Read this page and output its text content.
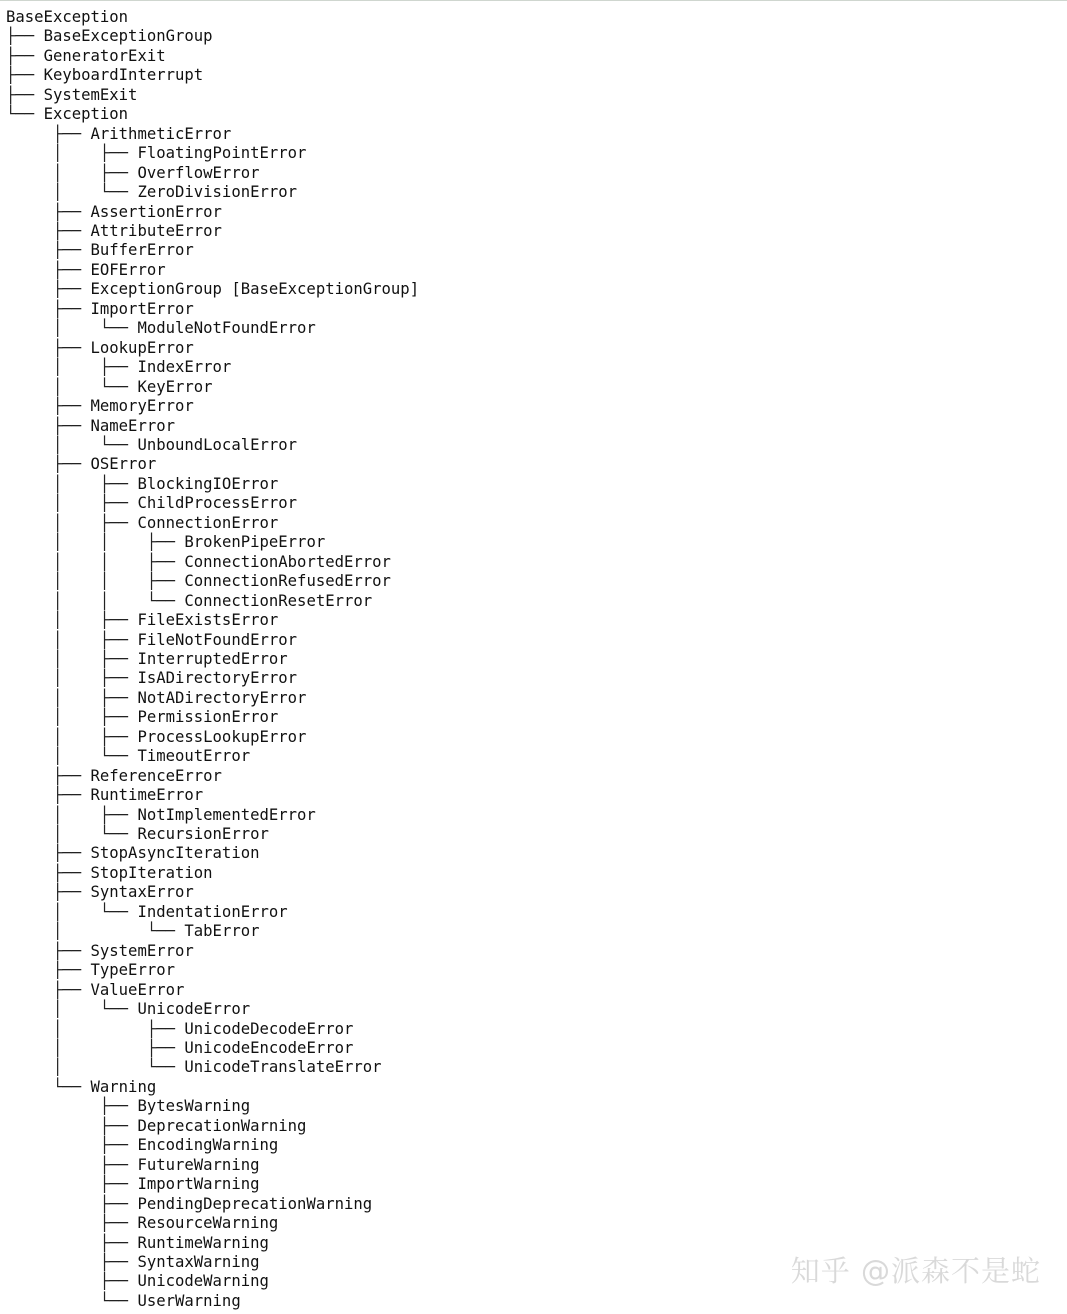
BaseException
├── BaseExceptionGroup
├── GeneratorExit
├── KeyboardInterrupt
├── SystemExit
└── Exception
├── ArithmeticError
│    ├── FloatingPointError
│    ├── OverflowError
│    └── ZeroDivisionError
├── AssertionError
├── AttributeError
├── BufferError
├── EOFError
├── ExceptionGroup [BaseExceptionGroup]
├── ImportError
│    └── ModuleNotFoundError
├── LookupError
│    ├── IndexError
│    └── KeyError
├── MemoryError
├── NameError
│    └── UnboundLocalError
├── OSError
│    ├── BlockingIOError
│    ├── ChildProcessError
│    ├── ConnectionError
│    │    ├── BrokenPipeError
│    │    ├── ConnectionAbortedError
│    │    ├── ConnectionRefusedError
│    │    └── ConnectionResetError
│    ├── FileExistsError
│    ├── FileNotFoundError
│    ├── InterruptedError
│    ├── IsADirectoryError
│    ├── NotADirectoryError
│    ├── PermissionError
│    ├── ProcessLookupError
│    └── TimeoutError
├── ReferenceError
├── RuntimeError
│    ├── NotImplementedError
│    └── RecursionError
├── StopAsyncIteration
├── StopIteration
├── SyntaxError
│    └── IndentationError
│         └── TabError
├── SystemError
├── TypeError
├── ValueError
│    └── UnicodeError
│         ├── UnicodeDecodeError
│         ├── UnicodeEncodeError
│         └── UnicodeTranslateError
└── Warning
├── BytesWarning
├── DeprecationWarning
├── EncodingWarning
├── FutureWarning
├── ImportWarning
├── PendingDeprecationWarning
├── ResourceWarning
├── RuntimeWarning
├── SyntaxWarning
├── UnicodeWarning
└── UserWarning
知乎 @派森不是蛇
